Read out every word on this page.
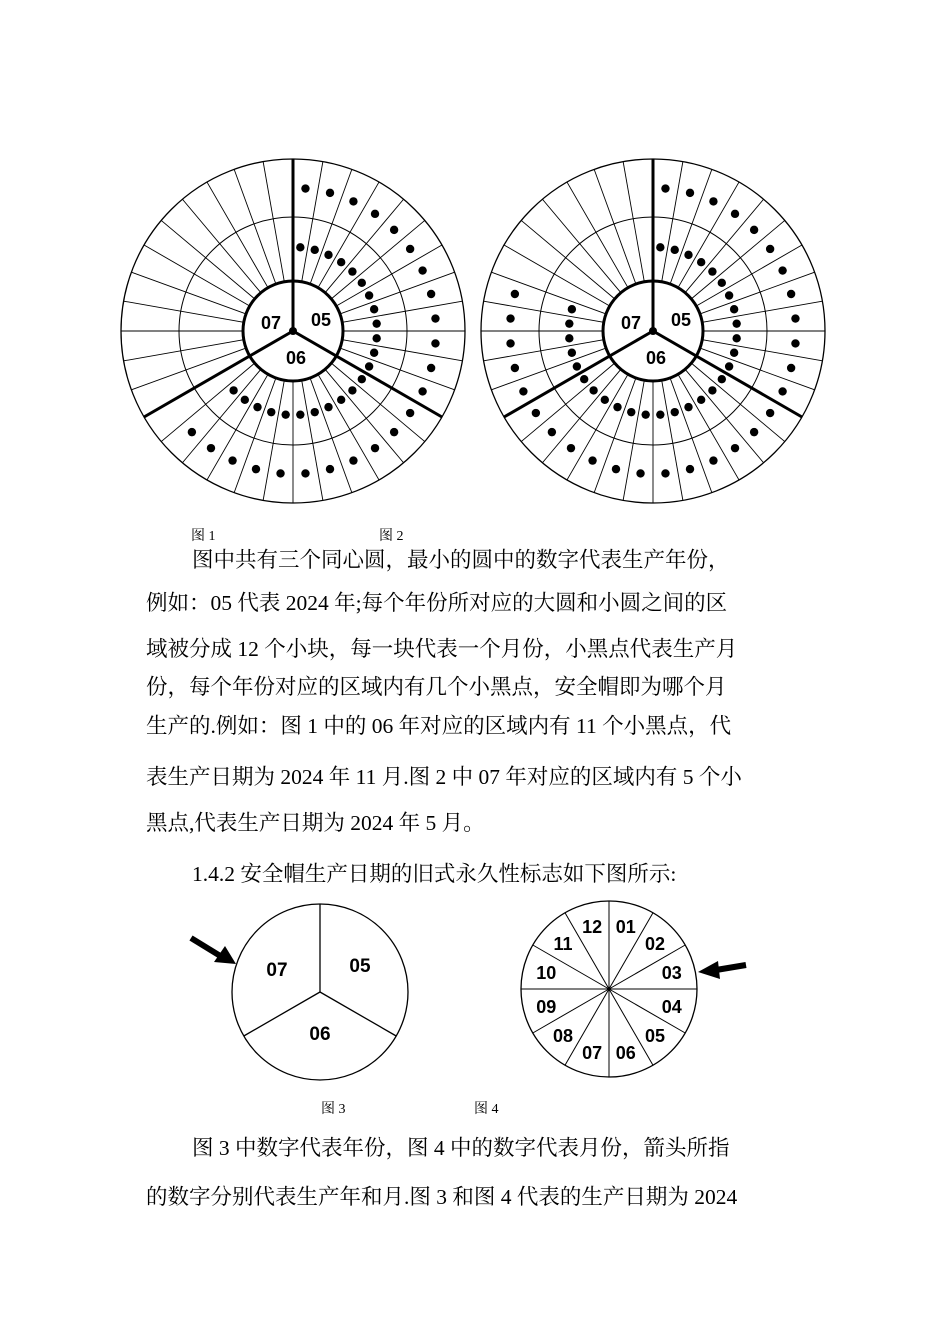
07 05
06
07 05
06
图 1	图 2
图中共有三个同心圆，最小的圆中的数字代表生产年份，
例如：05 代表 2024 年;每个年份所对应的大圆和小圆之间的区
域被分成 12 个小块，每一块代表一个月份，小黑点代表生产月
份，每个年份对应的区域内有几个小黑点，安全帽即为哪个月
生产的.例如：图 1 中的 06 年对应的区域内有 11 个小黑点，代
表生产日期为 2024 年 11 月.图 2 中 07 年对应的区域内有 5 个小
黑点,代表生产日期为 2024 年 5 月。
1.4.2 安全帽生产日期的旧式永久性标志如下图所示:
07	05
06
01
02
03
04
05
06
07
08
09
10
11
12
图 3	图 4
图 3 中数字代表年份，图 4 中的数字代表月份，箭头所指
的数字分别代表生产年和月.图 3 和图 4 代表的生产日期为 2024
